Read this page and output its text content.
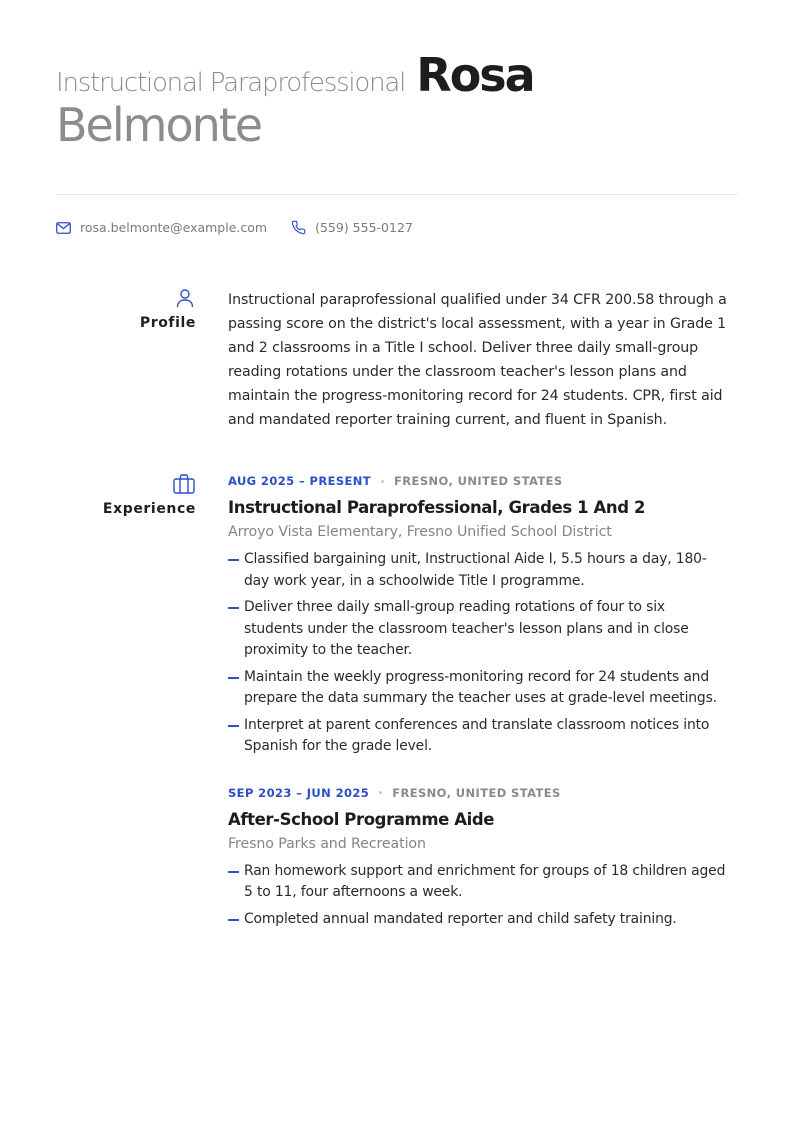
Instructional Paraprofessional Rosa
Belmonte
rosa.belmonte@example.com	(559) 555-0127
Profile

Instructional paraprofessional qualified under 34 CFR 200.58 through a passing score on the district's local assessment, with a year in Grade 1 and 2 classrooms in a Title I school. Deliver three daily small-group reading rotations under the classroom teacher's lesson plans and maintain the progress-monitoring record for 24 students. CPR, first aid and mandated reporter training current, and fluent in Spanish.

Experience
AUG 2025 – PRESENT FRESNO, UNITED STATES
Instructional Paraprofessional, Grades 1 And 2
Arroyo Vista Elementary, Fresno Unified School District
Classified bargaining unit, Instructional Aide I, 5.5 hours a day, 180-day work year, in a schoolwide Title I programme.
Deliver three daily small-group reading rotations of four to six students under the classroom teacher's lesson plans and in close proximity to the teacher.
Maintain the weekly progress-monitoring record for 24 students and prepare the data summary the teacher uses at grade-level meetings.
Interpret at parent conferences and translate classroom notices into Spanish for the grade level.
SEP 2023 – JUN 2025 FRESNO, UNITED STATES
After-School Programme Aide
Fresno Parks and Recreation
Ran homework support and enrichment for groups of 18 children aged 5 to 11, four afternoons a week.
Completed annual mandated reporter and child safety training.
